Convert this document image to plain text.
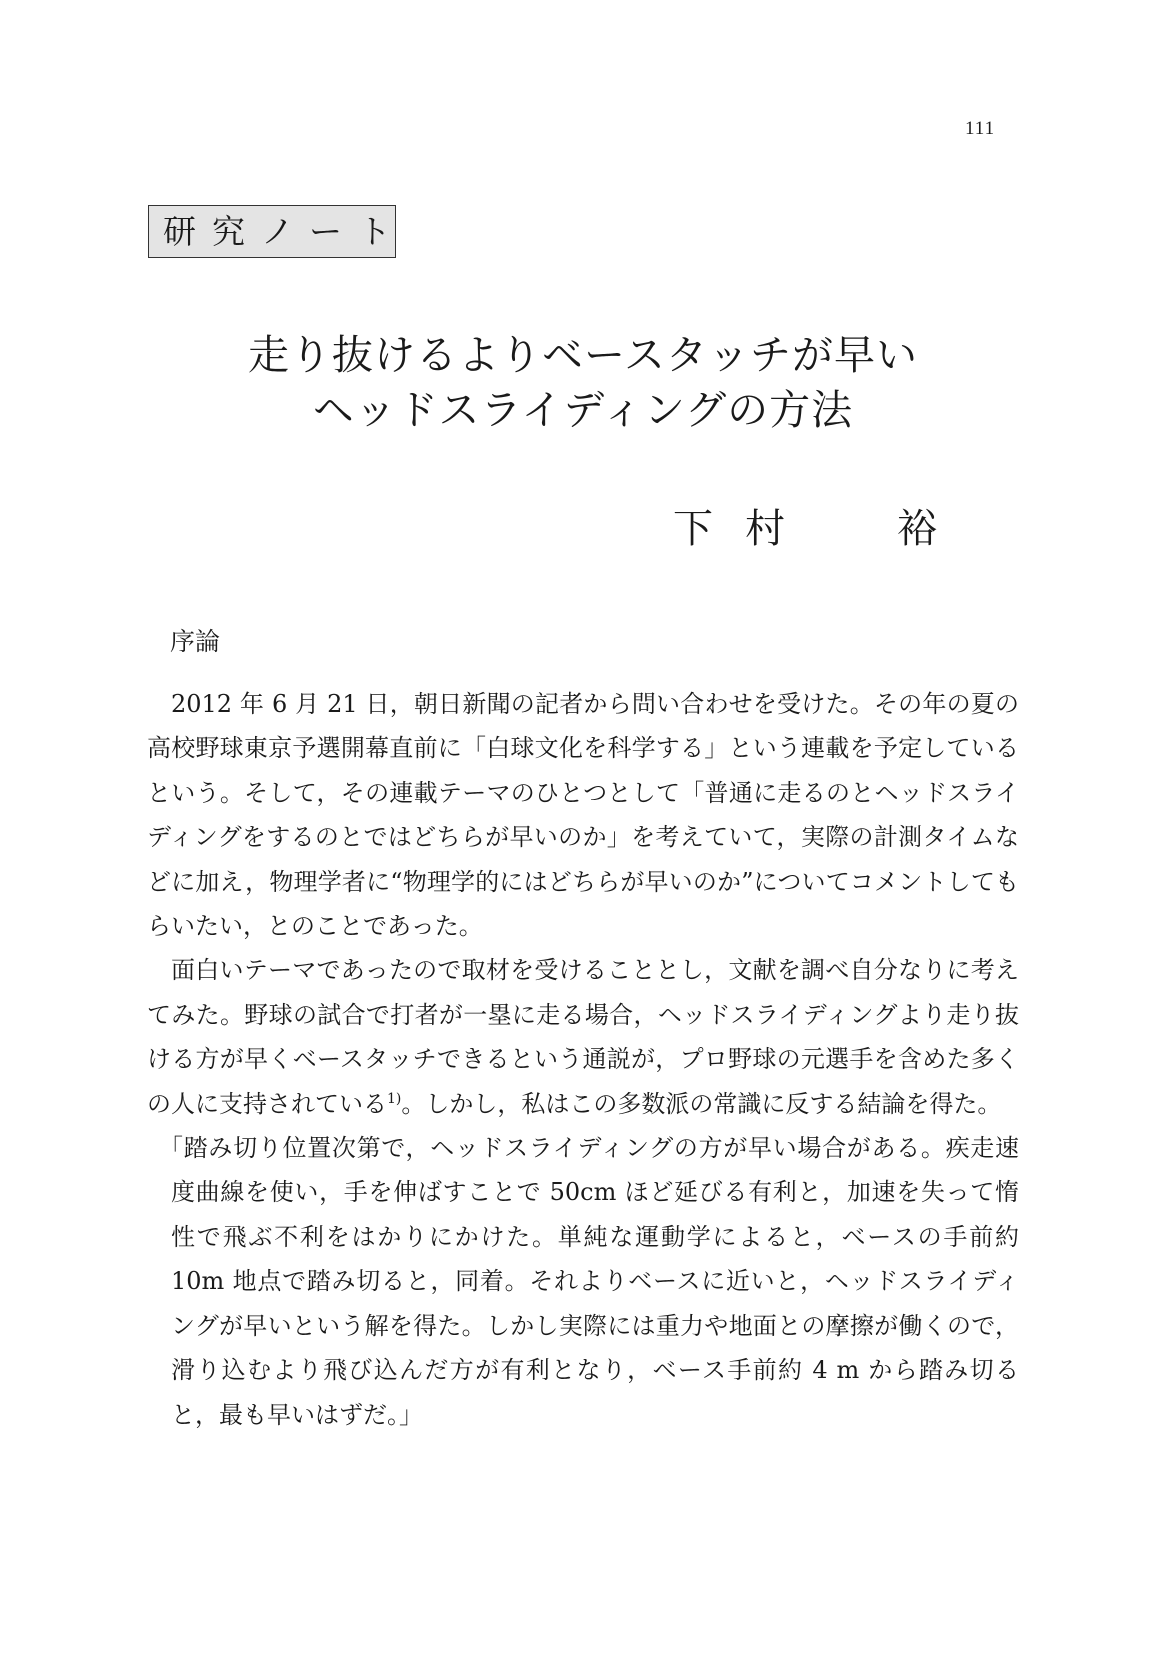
111
研究ノート
走り抜けるよりベースタッチが早い
ヘッドスライディングの方法
下 村	裕
序論

2012 年 6 月 21 日，朝日新聞の記者から問い合わせを受けた。その年の夏の高校野球東京予選開幕直前に「白球文化を科学する」という連載を予定しているという。そして，その連載テーマのひとつとして「普通に走るのとヘッドスライディングをするのとではどちらが早いのか」を考えていて，実際の計測タイムなどに加え，物理学者に“物理学的にはどちらが早いのか”についてコメントしてもらいたい，とのことであった。

面白いテーマであったので取材を受けることとし，文献を調べ自分なりに考えてみた。野球の試合で打者が一塁に走る場合，ヘッドスライディングより走り抜ける方が早くベースタッチできるという通説が，プロ野球の元選手を含めた多くの人に支持されている$^{1)}$。しかし，私はこの多数派の常識に反する結論を得た。

「踏み切り位置次第で，ヘッドスライディングの方が早い場合がある。疾走速度曲線を使い，手を伸ばすことで 50cm ほど延びる有利と，加速を失って惰性で飛ぶ不利をはかりにかけた。単純な運動学によると，ベースの手前約 10m 地点で踏み切ると，同着。それよりベースに近いと，ヘッドスライディングが早いという解を得た。しかし実際には重力や地面との摩擦が働くので，滑り込むより飛び込んだ方が有利となり，ベース手前約 4 m から踏み切ると，最も早いはずだ。」
